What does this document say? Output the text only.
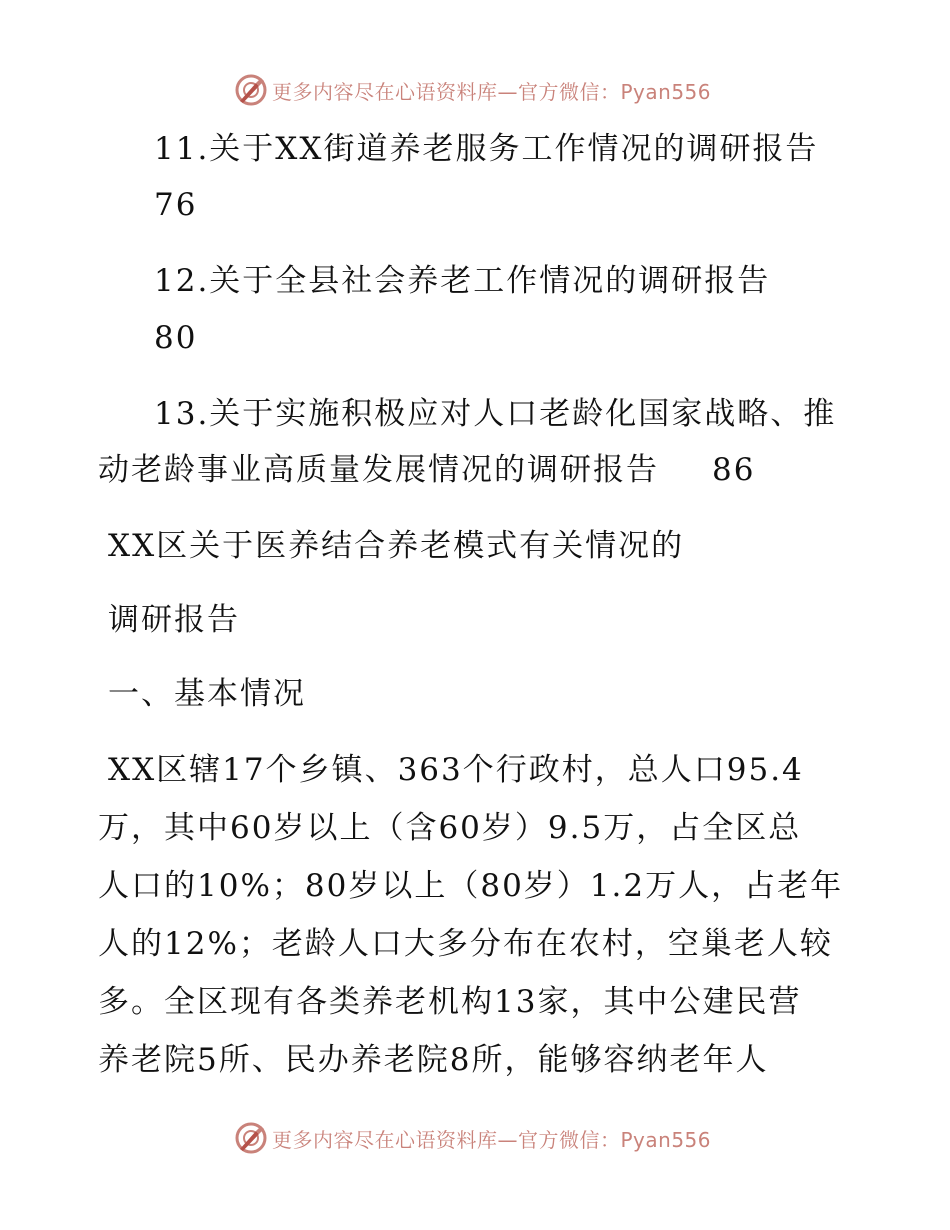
更多内容尽在心语资料库—官方微信：Pyan556
11.关于XX街道养老服务工作情况的调研报告
76
12.关于全县社会养老工作情况的调研报告
80
13.关于实施积极应对人口老龄化国家战略、推
动老龄事业高质量发展情况的调研报告 86
XX区关于医养结合养老模式有关情况的
调研报告
一、基本情况
XX区辖17个乡镇、363个行政村，总人口95.4
万，其中60岁以上（含60岁）9.5万，占全区总
人口的10%；80岁以上（80岁）1.2万人，占老年
人的12%；老龄人口大多分布在农村，空巢老人较
多。全区现有各类养老机构13家，其中公建民营
养老院5所、民办养老院8所，能够容纳老年人
更多内容尽在心语资料库—官方微信：Pyan556
